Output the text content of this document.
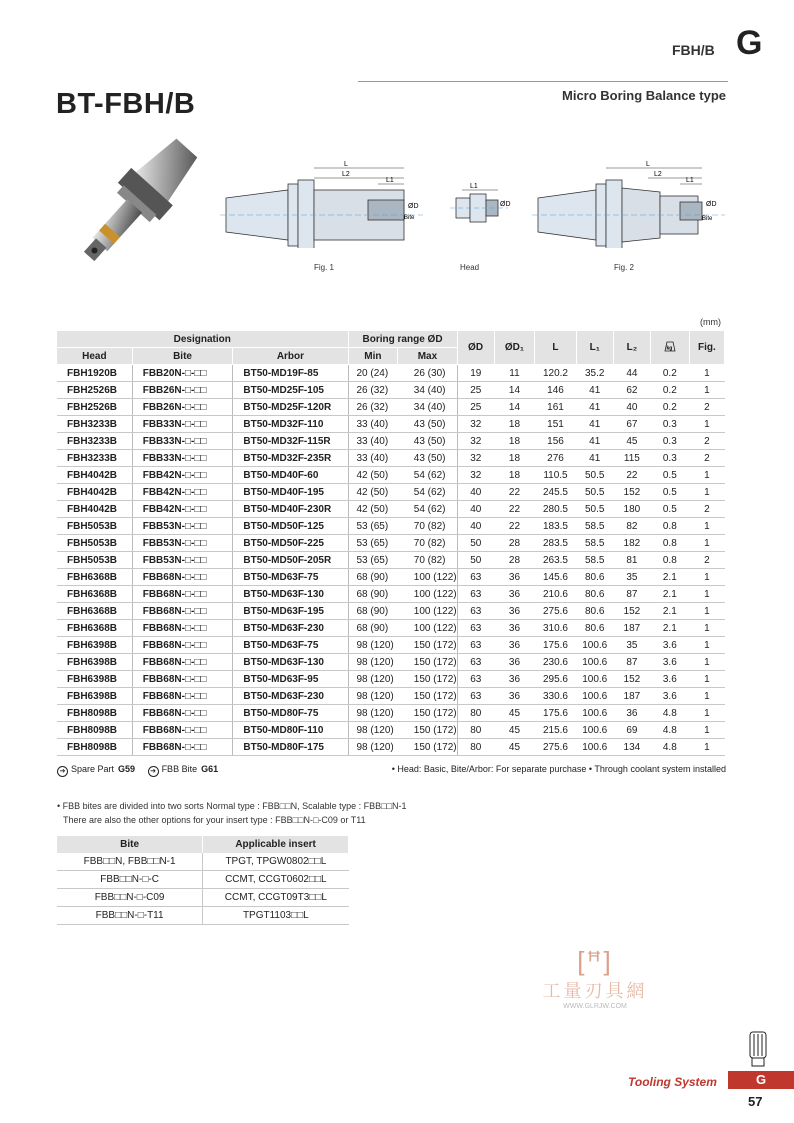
FBH/B G
BT-FBH/B	Micro Boring Balance type
L
L2
L1
ØD
Bite
Fig. 1
L1
ØD
Head
L
L2
L1
ØD
Bite
Fig. 2
(mm)
Designation			Boring range ØD		ØD	ØD₁	L	L₁	L₂	kg	Fig.
Head	Bite	Arbor	Min	Max							
FBH1920B	FBB20N-□-□□	BT50-MD19F-85	20 (24)	26 (30)	19	11	120.2	35.2	44	0.2	1
FBH2526B	FBB26N-□-□□	BT50-MD25F-105	26 (32)	34 (40)	25	14	146	41	62	0.2	1
FBH2526B	FBB26N-□-□□	BT50-MD25F-120R	26 (32)	34 (40)	25	14	161	41	40	0.2	2
FBH3233B	FBB33N-□-□□	BT50-MD32F-110	33 (40)	43 (50)	32	18	151	41	67	0.3	1
FBH3233B	FBB33N-□-□□	BT50-MD32F-115R	33 (40)	43 (50)	32	18	156	41	45	0.3	2
FBH3233B	FBB33N-□-□□	BT50-MD32F-235R	33 (40)	43 (50)	32	18	276	41	115	0.3	2
FBH4042B	FBB42N-□-□□	BT50-MD40F-60	42 (50)	54 (62)	32	18	110.5	50.5	22	0.5	1
FBH4042B	FBB42N-□-□□	BT50-MD40F-195	42 (50)	54 (62)	40	22	245.5	50.5	152	0.5	1
FBH4042B	FBB42N-□-□□	BT50-MD40F-230R	42 (50)	54 (62)	40	22	280.5	50.5	180	0.5	2
FBH5053B	FBB53N-□-□□	BT50-MD50F-125	53 (65)	70 (82)	40	22	183.5	58.5	82	0.8	1
FBH5053B	FBB53N-□-□□	BT50-MD50F-225	53 (65)	70 (82)	50	28	283.5	58.5	182	0.8	1
FBH5053B	FBB53N-□-□□	BT50-MD50F-205R	53 (65)	70 (82)	50	28	263.5	58.5	81	0.8	2
FBH6368B	FBB68N-□-□□	BT50-MD63F-75	68 (90)	100 (122)	63	36	145.6	80.6	35	2.1	1
FBH6368B	FBB68N-□-□□	BT50-MD63F-130	68 (90)	100 (122)	63	36	210.6	80.6	87	2.1	1
FBH6368B	FBB68N-□-□□	BT50-MD63F-195	68 (90)	100 (122)	63	36	275.6	80.6	152	2.1	1
FBH6368B	FBB68N-□-□□	BT50-MD63F-230	68 (90)	100 (122)	63	36	310.6	80.6	187	2.1	1
FBH6398B	FBB68N-□-□□	BT50-MD63F-75	98 (120)	150 (172)	63	36	175.6	100.6	35	3.6	1
FBH6398B	FBB68N-□-□□	BT50-MD63F-130	98 (120)	150 (172)	63	36	230.6	100.6	87	3.6	1
FBH6398B	FBB68N-□-□□	BT50-MD63F-95	98 (120)	150 (172)	63	36	295.6	100.6	152	3.6	1
FBH6398B	FBB68N-□-□□	BT50-MD63F-230	98 (120)	150 (172)	63	36	330.6	100.6	187	3.6	1
FBH8098B	FBB68N-□-□□	BT50-MD80F-75	98 (120)	150 (172)	80	45	175.6	100.6	36	4.8	1
FBH8098B	FBB68N-□-□□	BT50-MD80F-110	98 (120)	150 (172)	80	45	215.6	100.6	69	4.8	1
FBH8098B	FBB68N-□-□□	BT50-MD80F-175	98 (120)	150 (172)	80	45	275.6	100.6	134	4.8	1
➔ Spare Part G59 ➔ FBB Bite G61	• Head: Basic, Bite/Arbor: For separate purchase • Through coolant system installed
• FBB bites are divided into two sorts Normal type : FBB□□N, Scalable type : FBB□□N-1
There are also the other options for your insert type : FBB□□N-□-C09 or T11
Bite	Applicable insert
FBB□□N, FBB□□N-1	TPGT, TPGW0802□□L
FBB□□N-□-C	CCMT, CCGT0602□□L
FBB□□N-□-C09	CCMT, CCGT09T3□□L
FBB□□N-□-T11	TPGT1103□□L
[ꟸ]
工量刃具網
WWW.GLRJW.COM
Tooling System	G
57
